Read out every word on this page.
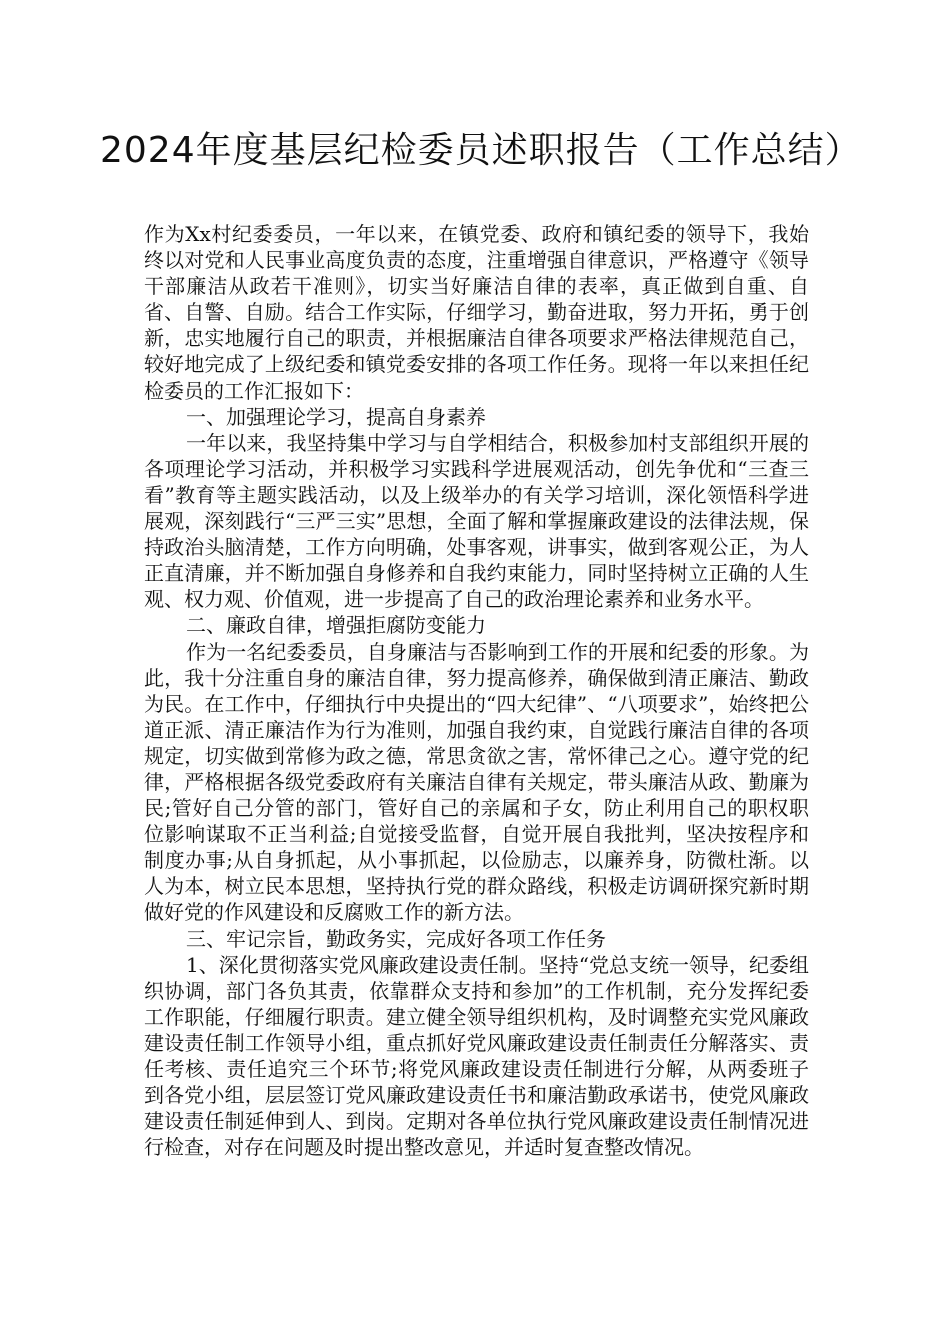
2024年度基层纪检委员述职报告（工作总结）

作为Xx村纪委委员，一年以来，在镇党委、政府和镇纪委的领导下，我始终以对党和人民事业高度负责的态度，注重增强自律意识，严格遵守《领导干部廉洁从政若干准则》，切实当好廉洁自律的表率，真正做到自重、自省、自警、自励。结合工作实际，仔细学习，勤奋进取，努力开拓，勇于创新，忠实地履行自己的职责，并根据廉洁自律各项要求严格法律规范自己，较好地完成了上级纪委和镇党委安排的各项工作任务。现将一年以来担任纪检委员的工作汇报如下：

一、加强理论学习，提高自身素养

一年以来，我坚持集中学习与自学相结合，积极参加村支部组织开展的各项理论学习活动，并积极学习实践科学进展观活动，创先争优和“三查三看”教育等主题实践活动，以及上级举办的有关学习培训，深化领悟科学进展观，深刻践行“三严三实”思想，全面了解和掌握廉政建设的法律法规，保持政治头脑清楚，工作方向明确，处事客观，讲事实，做到客观公正，为人正直清廉，并不断加强自身修养和自我约束能力，同时坚持树立正确的人生观、权力观、价值观，进一步提高了自己的政治理论素养和业务水平。

二、廉政自律，增强拒腐防变能力

作为一名纪委委员，自身廉洁与否影响到工作的开展和纪委的形象。为此，我十分注重自身的廉洁自律，努力提高修养，确保做到清正廉洁、勤政为民。在工作中，仔细执行中央提出的“四大纪律”、“八项要求”，始终把公道正派、清正廉洁作为行为准则，加强自我约束，自觉践行廉洁自律的各项规定，切实做到常修为政之德，常思贪欲之害，常怀律己之心。遵守党的纪律，严格根据各级党委政府有关廉洁自律有关规定，带头廉洁从政、勤廉为民;管好自己分管的部门，管好自己的亲属和子女，防止利用自己的职权职位影响谋取不正当利益;自觉接受监督，自觉开展自我批判，坚决按程序和制度办事;从自身抓起，从小事抓起，以俭励志，以廉养身，防微杜渐。以人为本，树立民本思想，坚持执行党的群众路线，积极走访调研探究新时期做好党的作风建设和反腐败工作的新方法。

三、牢记宗旨，勤政务实，完成好各项工作任务

1、深化贯彻落实党风廉政建设责任制。坚持“党总支统一领导，纪委组织协调，部门各负其责，依靠群众支持和参加”的工作机制，充分发挥纪委工作职能，仔细履行职责。建立健全领导组织机构，及时调整充实党风廉政建设责任制工作领导小组，重点抓好党风廉政建设责任制责任分解落实、责任考核、责任追究三个环节;将党风廉政建设责任制进行分解，从两委班子到各党小组，层层签订党风廉政建设责任书和廉洁勤政承诺书，使党风廉政建设责任制延伸到人、到岗。定期对各单位执行党风廉政建设责任制情况进行检查，对存在问题及时提出整改意见，并适时复查整改情况。
